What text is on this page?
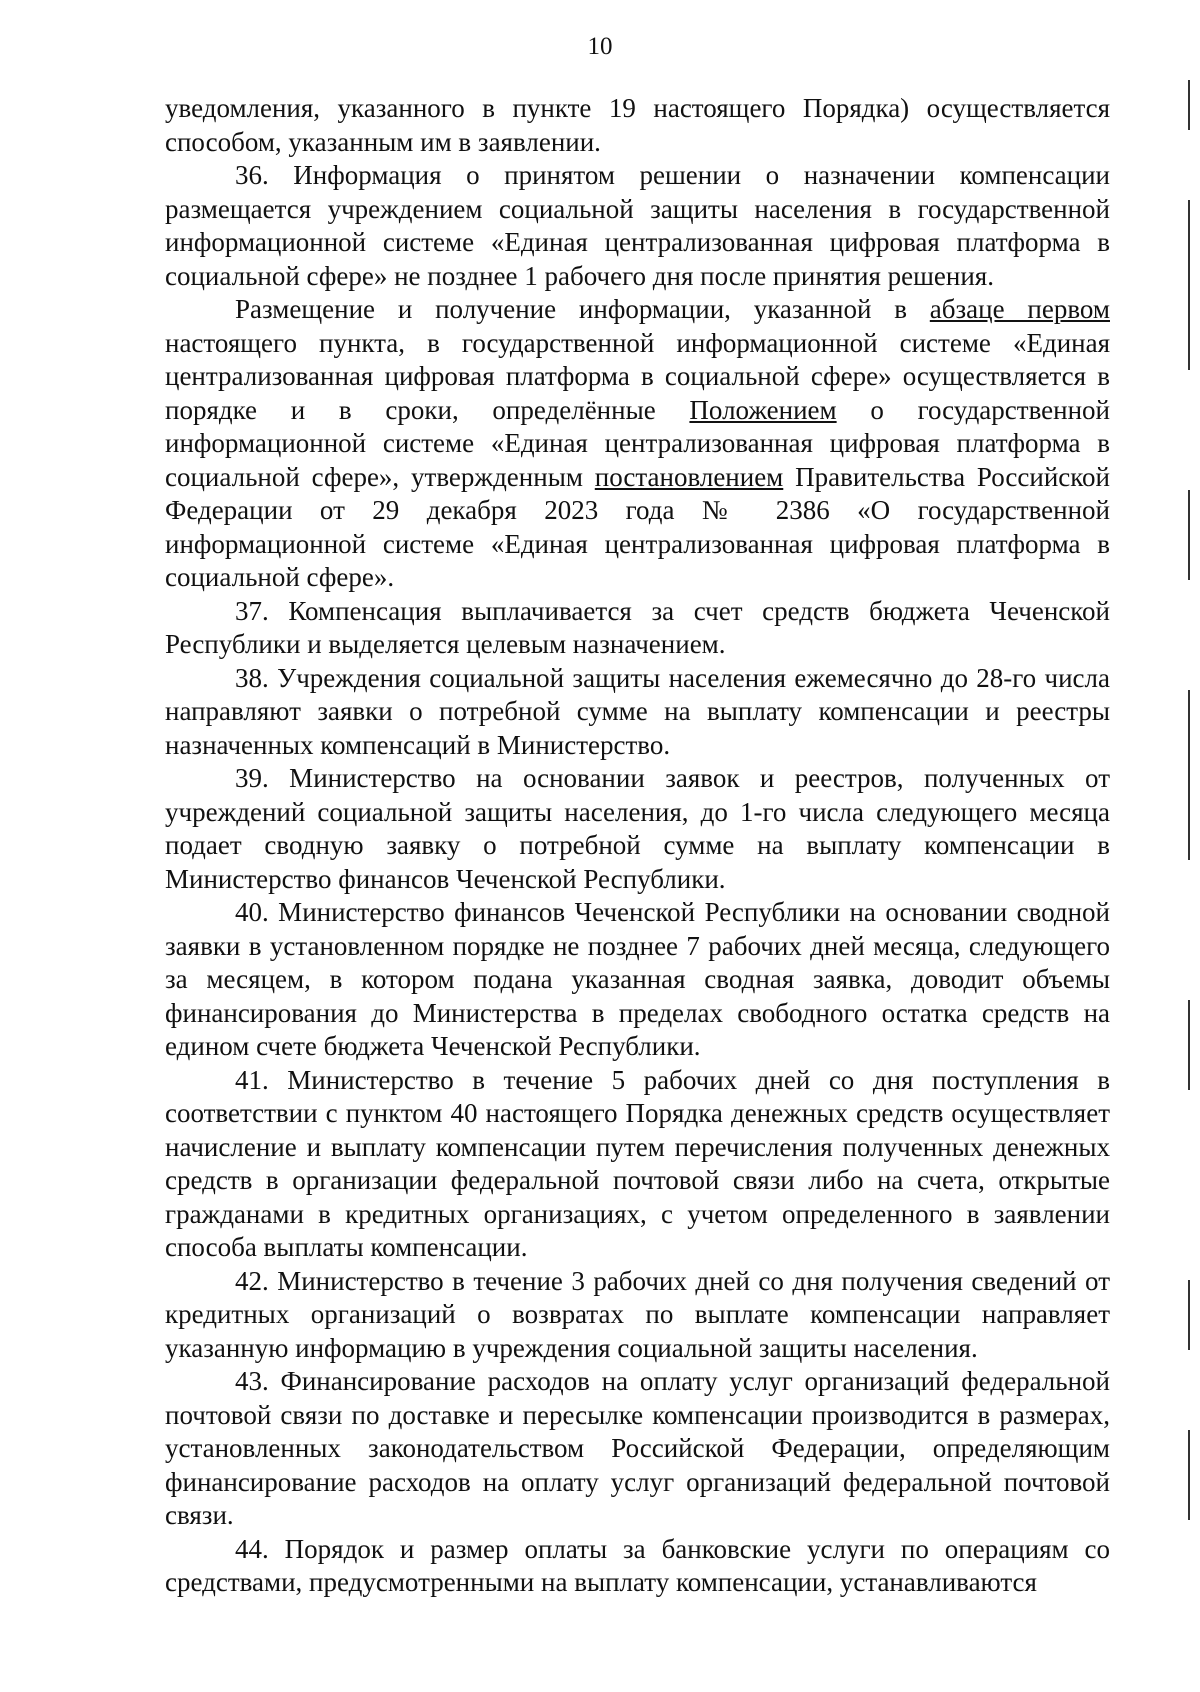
10

уведомления, указанного в пункте 19 настоящего Порядка) осуществляется способом, указанным им в заявлении.

36. Информация о принятом решении о назначении компенсации размещается учреждением социальной защиты населения в государственной информационной системе «Единая централизованная цифровая платформа в социальной сфере» не позднее 1 рабочего дня после принятия решения.

Размещение и получение информации, указанной в абзаце первом настоящего пункта, в государственной информационной системе «Единая централизованная цифровая платформа в социальной сфере» осуществляется в порядке и в сроки, определённые Положением о государственной информационной системе «Единая централизованная цифровая платформа в социальной сфере», утвержденным постановлением Правительства Российской Федерации от 29 декабря 2023 года № 2386 «О государственной информационной системе «Единая централизованная цифровая платформа в социальной сфере».

37. Компенсация выплачивается за счет средств бюджета Чеченской Республики и выделяется целевым назначением.

38. Учреждения социальной защиты населения ежемесячно до 28-го числа направляют заявки о потребной сумме на выплату компенсации и реестры назначенных компенсаций в Министерство.

39. Министерство на основании заявок и реестров, полученных от учреждений социальной защиты населения, до 1-го числа следующего месяца подает сводную заявку о потребной сумме на выплату компенсации в Министерство финансов Чеченской Республики.

40. Министерство финансов Чеченской Республики на основании сводной заявки в установленном порядке не позднее 7 рабочих дней месяца, следующего за месяцем, в котором подана указанная сводная заявка, доводит объемы финансирования до Министерства в пределах свободного остатка средств на едином счете бюджета Чеченской Республики.

41. Министерство в течение 5 рабочих дней со дня поступления в соответствии с пунктом 40 настоящего Порядка денежных средств осуществляет начисление и выплату компенсации путем перечисления полученных денежных средств в организации федеральной почтовой связи либо на счета, открытые гражданами в кредитных организациях, с учетом определенного в заявлении способа выплаты компенсации.

42. Министерство в течение 3 рабочих дней со дня получения сведений от кредитных организаций о возвратах по выплате компенсации направляет указанную информацию в учреждения социальной защиты населения.

43. Финансирование расходов на оплату услуг организаций федеральной почтовой связи по доставке и пересылке компенсации производится в размерах, установленных законодательством Российской Федерации, определяющим финансирование расходов на оплату услуг организаций федеральной почтовой связи.

44. Порядок и размер оплаты за банковские услуги по операциям со средствами, предусмотренными на выплату компенсации, устанавливаются
